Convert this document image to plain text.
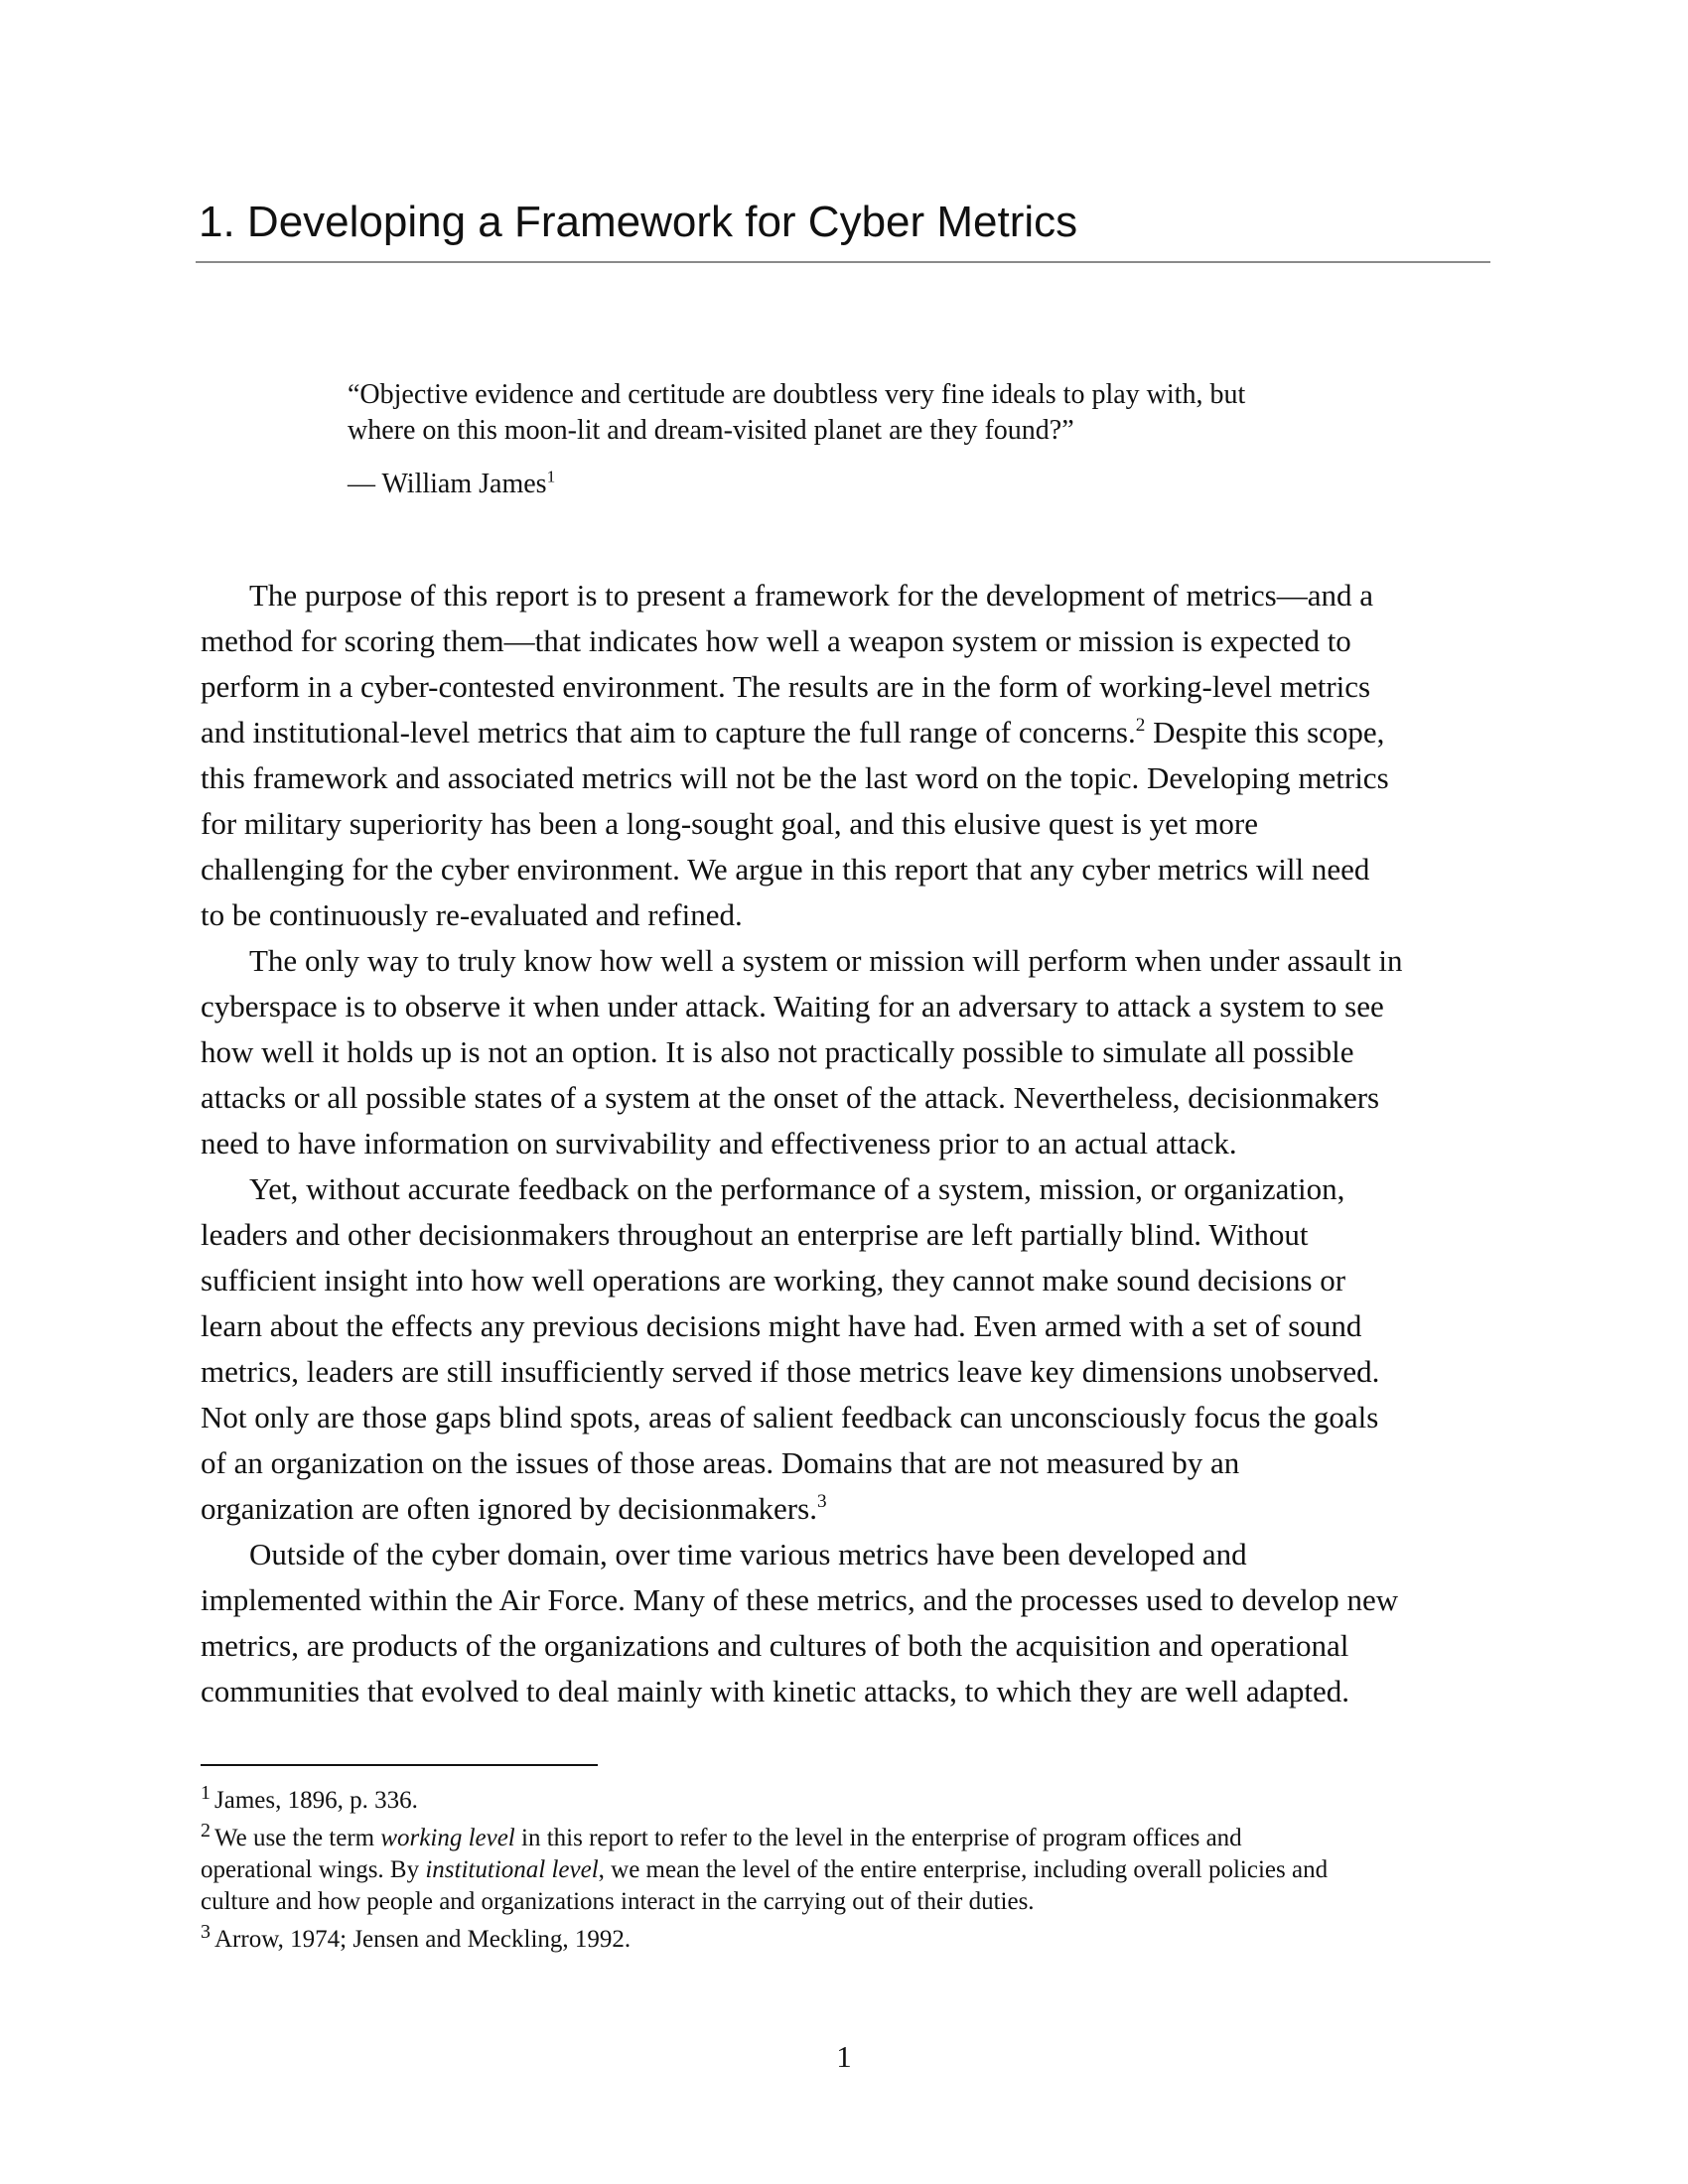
1. Developing a Framework for Cyber Metrics
“Objective evidence and certitude are doubtless very fine ideals to play with, but
where on this moon-lit and dream-visited planet are they found?”
— William James$^1$
The purpose of this report is to present a framework for the development of metrics—and a
method for scoring them—that indicates how well a weapon system or mission is expected to
perform in a cyber-contested environment. The results are in the form of working-level metrics
and institutional-level metrics that aim to capture the full range of concerns.$^2$ Despite this scope,
this framework and associated metrics will not be the last word on the topic. Developing metrics
for military superiority has been a long-sought goal, and this elusive quest is yet more
challenging for the cyber environment. We argue in this report that any cyber metrics will need
to be continuously re-evaluated and refined.
The only way to truly know how well a system or mission will perform when under assault in
cyberspace is to observe it when under attack. Waiting for an adversary to attack a system to see
how well it holds up is not an option. It is also not practically possible to simulate all possible
attacks or all possible states of a system at the onset of the attack. Nevertheless, decisionmakers
need to have information on survivability and effectiveness prior to an actual attack.
Yet, without accurate feedback on the performance of a system, mission, or organization,
leaders and other decisionmakers throughout an enterprise are left partially blind. Without
sufficient insight into how well operations are working, they cannot make sound decisions or
learn about the effects any previous decisions might have had. Even armed with a set of sound
metrics, leaders are still insufficiently served if those metrics leave key dimensions unobserved.
Not only are those gaps blind spots, areas of salient feedback can unconsciously focus the goals
of an organization on the issues of those areas. Domains that are not measured by an
organization are often ignored by decisionmakers.$^3$
Outside of the cyber domain, over time various metrics have been developed and
implemented within the Air Force. Many of these metrics, and the processes used to develop new
metrics, are products of the organizations and cultures of both the acquisition and operational
communities that evolved to deal mainly with kinetic attacks, to which they are well adapted.
$^1$ James, 1896, p. 336.
$^2$ We use the term working level in this report to refer to the level in the enterprise of program offices and
operational wings. By institutional level, we mean the level of the entire enterprise, including overall policies and
culture and how people and organizations interact in the carrying out of their duties.
$^3$ Arrow, 1974; Jensen and Meckling, 1992.
1
